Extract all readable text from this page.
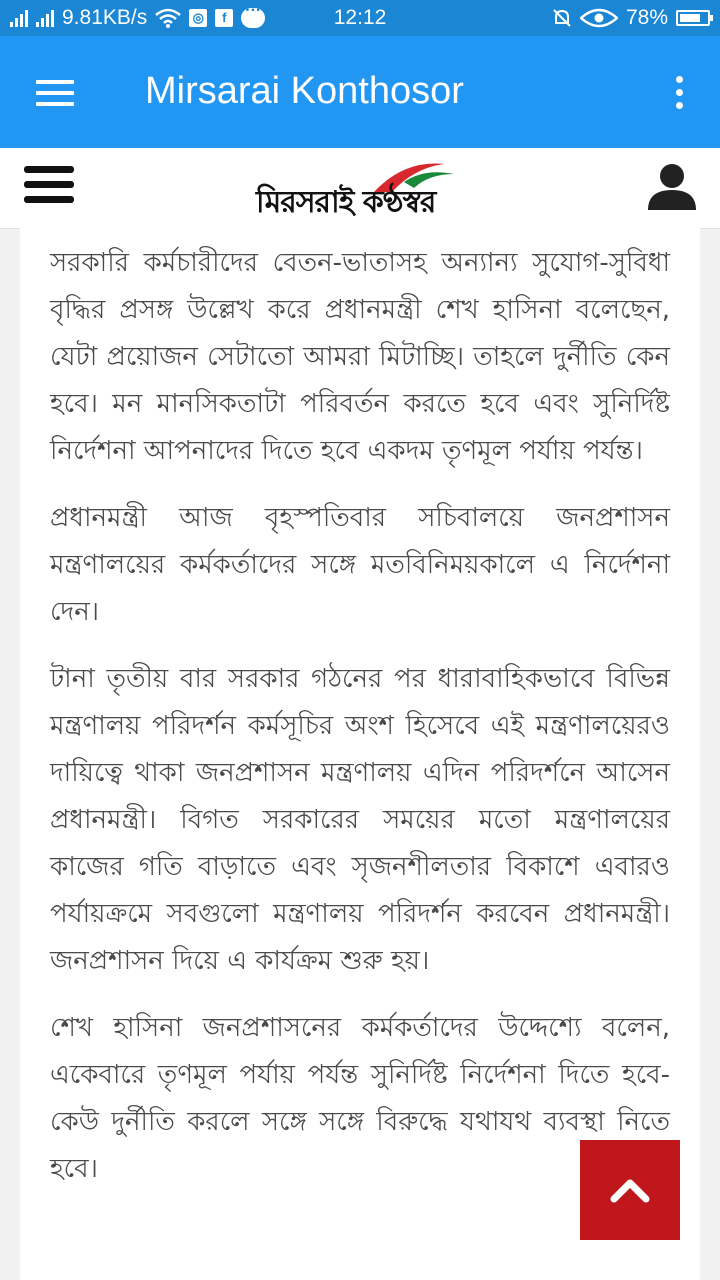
9.81KB/s	◎	f
···	12:12	78%
Mirsarai Konthosor
মিরসরাই কণ্ঠস্বর

সরকারি কর্মচারীদের বেতন-ভাতাসহ অন্যান্য সুযোগ-সুবিধা বৃদ্ধির প্রসঙ্গ উল্লেখ করে প্রধানমন্ত্রী শেখ হাসিনা বলেছেন, যেটা প্রয়োজন সেটাতো আমরা মিটাচ্ছি। তাহলে দুর্নীতি কেন হবে। মন মানসিকতাটা পরিবর্তন করতে হবে এবং সুনির্দিষ্ট নির্দেশনা আপনাদের দিতে হবে একদম তৃণমূল পর্যায় পর্যন্ত।

প্রধানমন্ত্রী আজ বৃহস্পতিবার সচিবালয়ে জনপ্রশাসন মন্ত্রণালয়ের কর্মকর্তাদের সঙ্গে মতবিনিময়কালে এ নির্দেশনা দেন।

টানা তৃতীয় বার সরকার গঠনের পর ধারাবাহিকভাবে বিভিন্ন মন্ত্রণালয় পরিদর্শন কর্মসূচির অংশ হিসেবে এই মন্ত্রণালয়েরও দায়িত্বে থাকা জনপ্রশাসন মন্ত্রণালয় এদিন পরিদর্শনে আসেন প্রধানমন্ত্রী। বিগত সরকারের সময়ের মতো মন্ত্রণালয়ের কাজের গতি বাড়াতে এবং সৃজনশীলতার বিকাশে এবারও পর্যায়ক্রমে সবগুলো মন্ত্রণালয় পরিদর্শন করবেন প্রধানমন্ত্রী। জনপ্রশাসন দিয়ে এ কার্যক্রম শুরু হয়।

শেখ হাসিনা জনপ্রশাসনের কর্মকর্তাদের উদ্দেশ্যে বলেন, একেবারে তৃণমূল পর্যায় পর্যন্ত সুনির্দিষ্ট নির্দেশনা দিতে হবে- কেউ দুর্নীতি করলে সঙ্গে সঙ্গে বিরুদ্ধে যথাযথ ব্যবস্থা নিতে হবে।
